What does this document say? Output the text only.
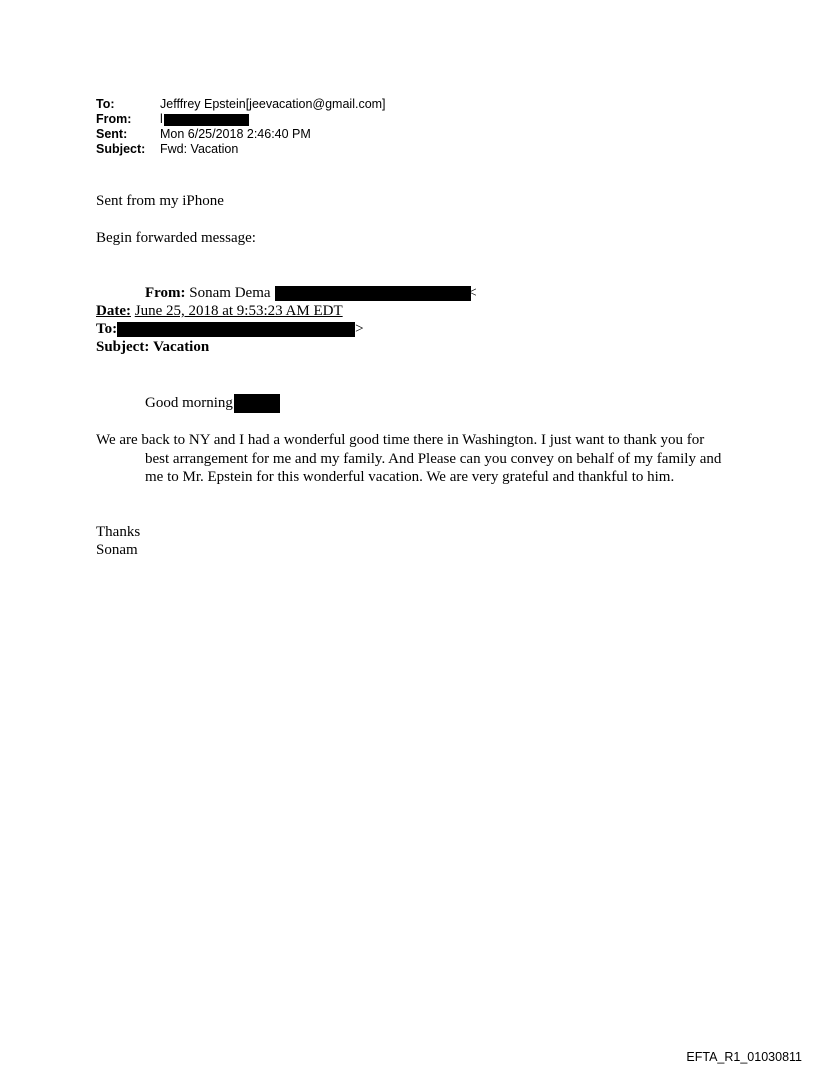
To:	Jefffrey Epstein[jeevacation@gmail.com]
From: l
Sent:	Mon 6/25/2018 2:46:40 PM
Subject: Fwd: Vacation
Sent from my iPhone
Begin forwarded message:
From: Sonam Dema	<
Date: June 25, 2018 at 9:53:23 AM EDT
To:	>
Subject: Vacation
Good morning
We are back to NY and I had a wonderful good time there in Washington. I just want to thank you for best arrangement for me and my family. And Please can you convey on behalf of my family and me to Mr. Epstein for this wonderful vacation. We are very grateful and thankful to him.
Thanks
Sonam
EFTA_R1_01030811
